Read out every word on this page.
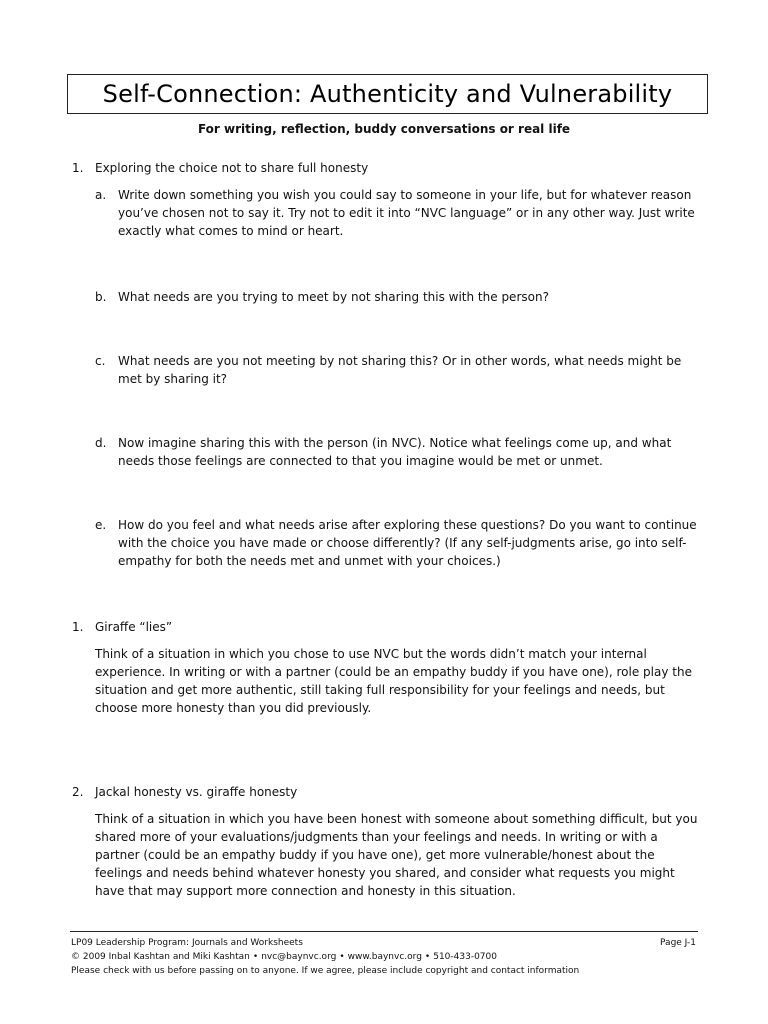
Self-Connection: Authenticity and Vulnerability
For writing, reflection, buddy conversations or real life
1. Exploring the choice not to share full honesty
a. Write down something you wish you could say to someone in your life, but for whatever reason you’ve chosen not to say it. Try not to edit it into “NVC language” or in any other way. Just write exactly what comes to mind or heart.
b. What needs are you trying to meet by not sharing this with the person?
c. What needs are you not meeting by not sharing this? Or in other words, what needs might be met by sharing it?
d. Now imagine sharing this with the person (in NVC). Notice what feelings come up, and what needs those feelings are connected to that you imagine would be met or unmet.
e. How do you feel and what needs arise after exploring these questions? Do you want to continue with the choice you have made or choose differently? (If any self-judgments arise, go into self-empathy for both the needs met and unmet with your choices.)
1. Giraffe “lies”
Think of a situation in which you chose to use NVC but the words didn’t match your internal experience. In writing or with a partner (could be an empathy buddy if you have one), role play the situation and get more authentic, still taking full responsibility for your feelings and needs, but choose more honesty than you did previously.
2. Jackal honesty vs. giraffe honesty
Think of a situation in which you have been honest with someone about something difficult, but you shared more of your evaluations/judgments than your feelings and needs. In writing or with a partner (could be an empathy buddy if you have one), get more vulnerable/honest about the feelings and needs behind whatever honesty you shared, and consider what requests you might have that may support more connection and honesty in this situation.
LP09 Leadership Program: Journals and Worksheets	Page J-1
© 2009 Inbal Kashtan and Miki Kashtan • nvc@baynvc.org • www.baynvc.org • 510-433-0700
Please check with us before passing on to anyone. If we agree, please include copyright and contact information
